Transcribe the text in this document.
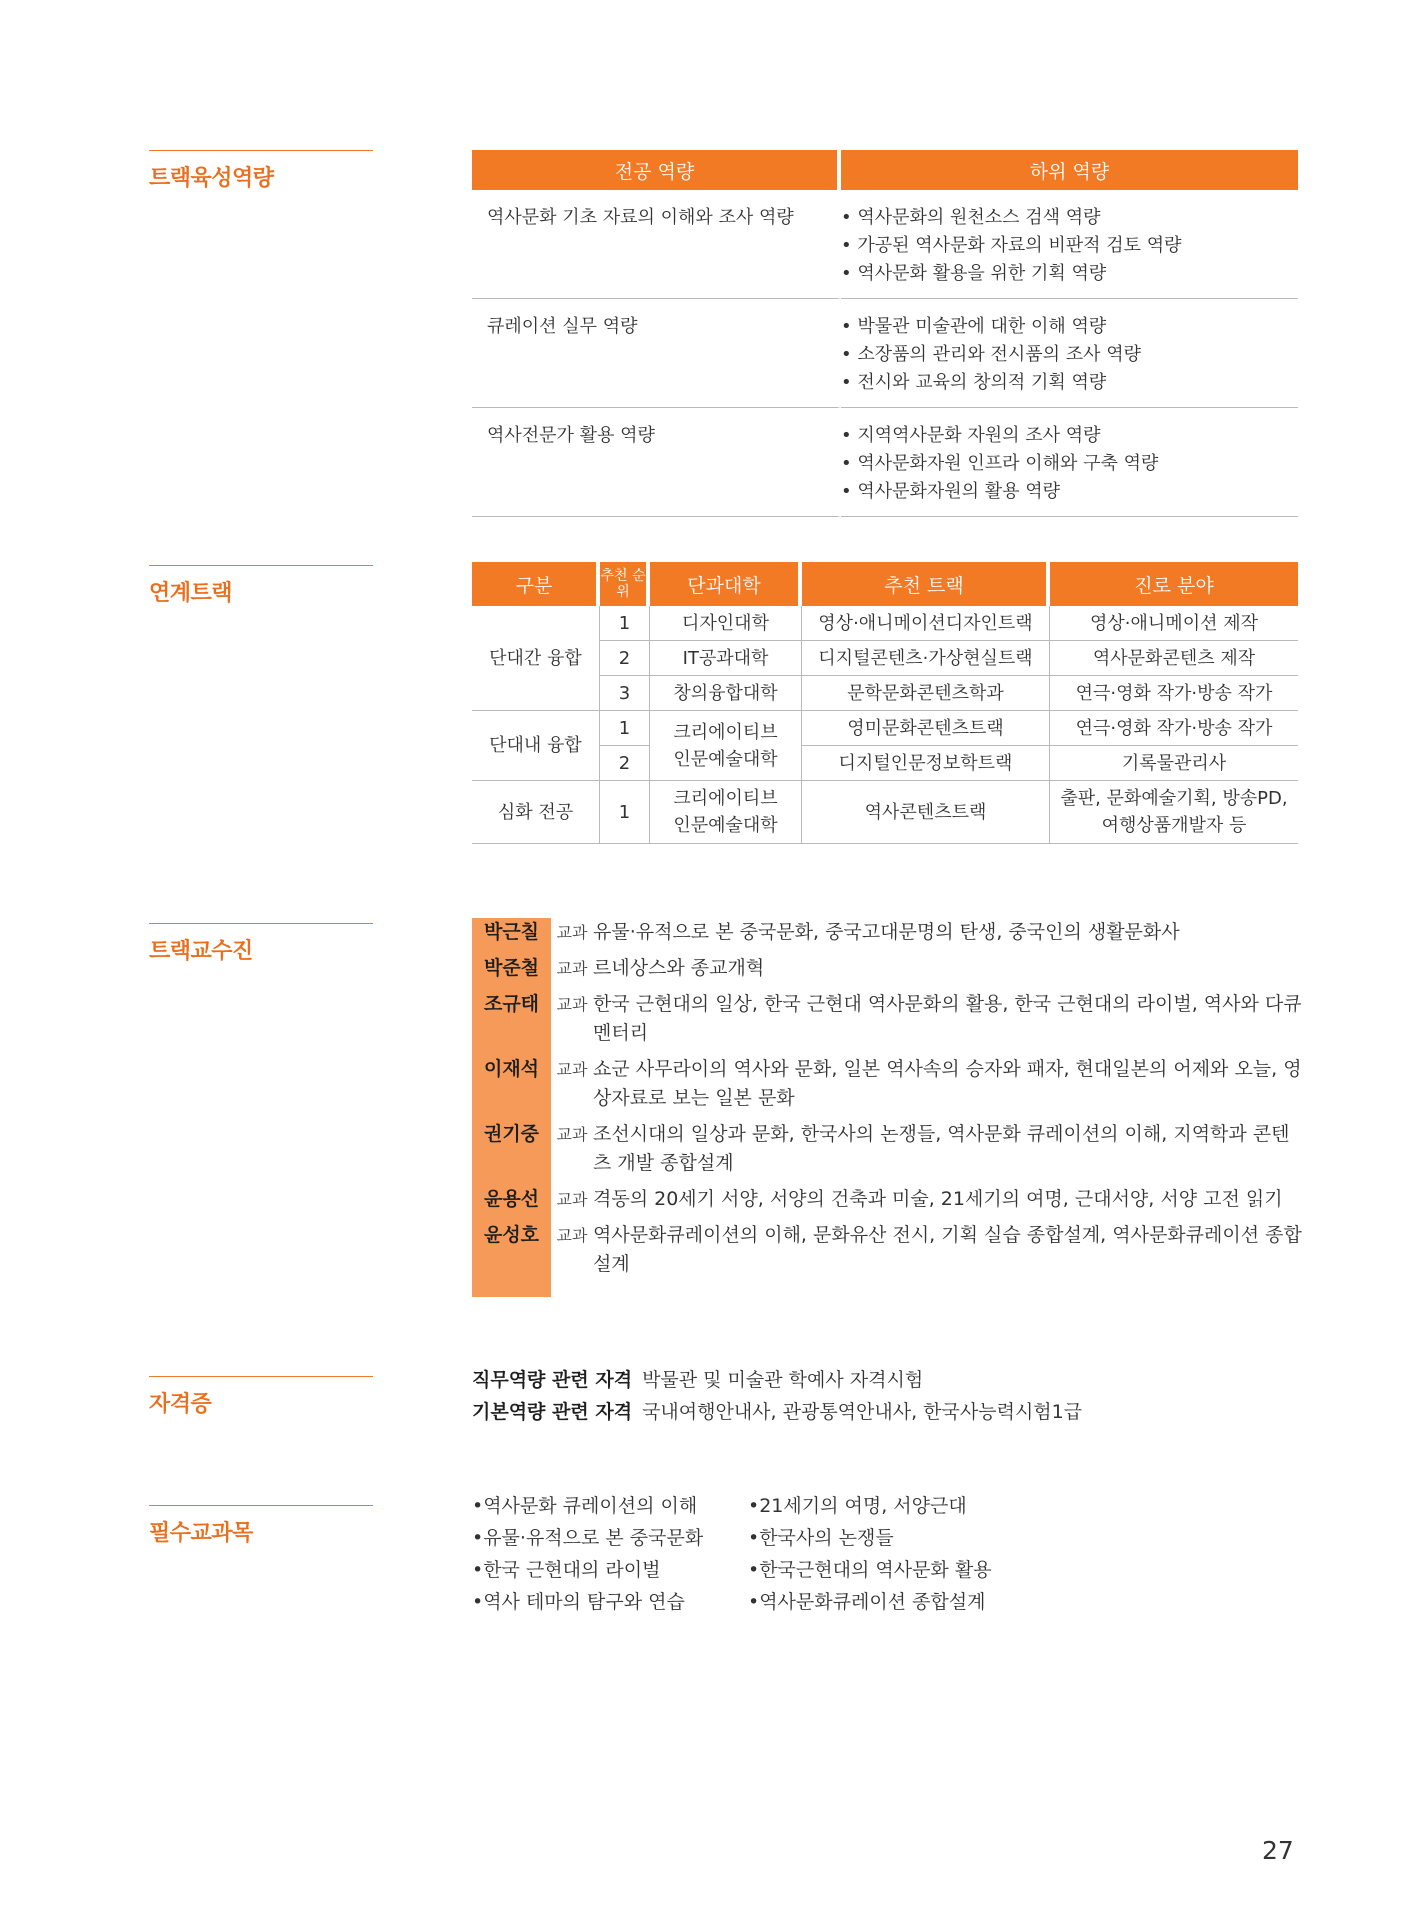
트랙육성역량
연계트랙
트랙교수진
자격증
필수교과목
전공 역량	하위 역량
역사문화 기초 자료의 이해와 조사 역량	• 역사문화의 원천소스 검색 역량
• 가공된 역사문화 자료의 비판적 검토 역량
• 역사문화 활용을 위한 기획 역량

큐레이션 실무 역량	• 박물관 미술관에 대한 이해 역량
• 소장품의 관리와 전시품의 조사 역량
• 전시와 교육의 창의적 기획 역량

역사전문가 활용 역량	• 지역역사문화 자원의 조사 역량
• 역사문화자원 인프라 이해와 구축 역량
• 역사문화자원의 활용 역량
구분	추천 순위	단과대학	추천 트랙	진로 분야
단대간 융합	1	디자인대학	영상·애니메이션디자인트랙	영상·애니메이션 제작
	2	IT공과대학	디지털콘텐츠·가상현실트랙	역사문화콘텐츠 제작
	3	창의융합대학	문학문화콘텐츠학과	연극·영화 작가·방송 작가
단대내 융합	1	크리에이티브 인문예술대학	영미문화콘텐츠트랙	연극·영화 작가·방송 작가
	2		디지털인문정보학트랙	기록물관리사
심화 전공	1	크리에이티브 인문예술대학	역사콘텐츠트랙	출판, 문화예술기획, 방송PD, 여행상품개발자 등
박근칠	교과 유물·유적으로 본 중국문화, 중국고대문명의 탄생, 중국인의 생활문화사
박준철	교과 르네상스와 종교개혁
조규태	교과 한국 근현대의 일상, 한국 근현대 역사문화의 활용, 한국 근현대의 라이벌, 역사와 다큐멘터리
이재석	교과 쇼군 사무라이의 역사와 문화, 일본 역사속의 승자와 패자, 현대일본의 어제와 오늘, 영상자료로 보는 일본 문화
권기중	교과 조선시대의 일상과 문화, 한국사의 논쟁들, 역사문화 큐레이션의 이해, 지역학과 콘텐츠 개발 종합설계
윤용선	교과 격동의 20세기 서양, 서양의 건축과 미술, 21세기의 여명, 근대서양, 서양 고전 읽기
윤성호	교과 역사문화큐레이션의 이해, 문화유산 전시, 기획 실습 종합설계, 역사문화큐레이션 종합 설계
직무역량 관련 자격 박물관 및 미술관 학예사 자격시험
기본역량 관련 자격 국내여행안내사, 관광통역안내사, 한국사능력시험1급
•역사문화 큐레이션의 이해
•유물·유적으로 본 중국문화
•한국 근현대의 라이벌
•역사 테마의 탐구와 연습
•21세기의 여명, 서양근대
•한국사의 논쟁들
•한국근현대의 역사문화 활용
•역사문화큐레이션 종합설계
27
